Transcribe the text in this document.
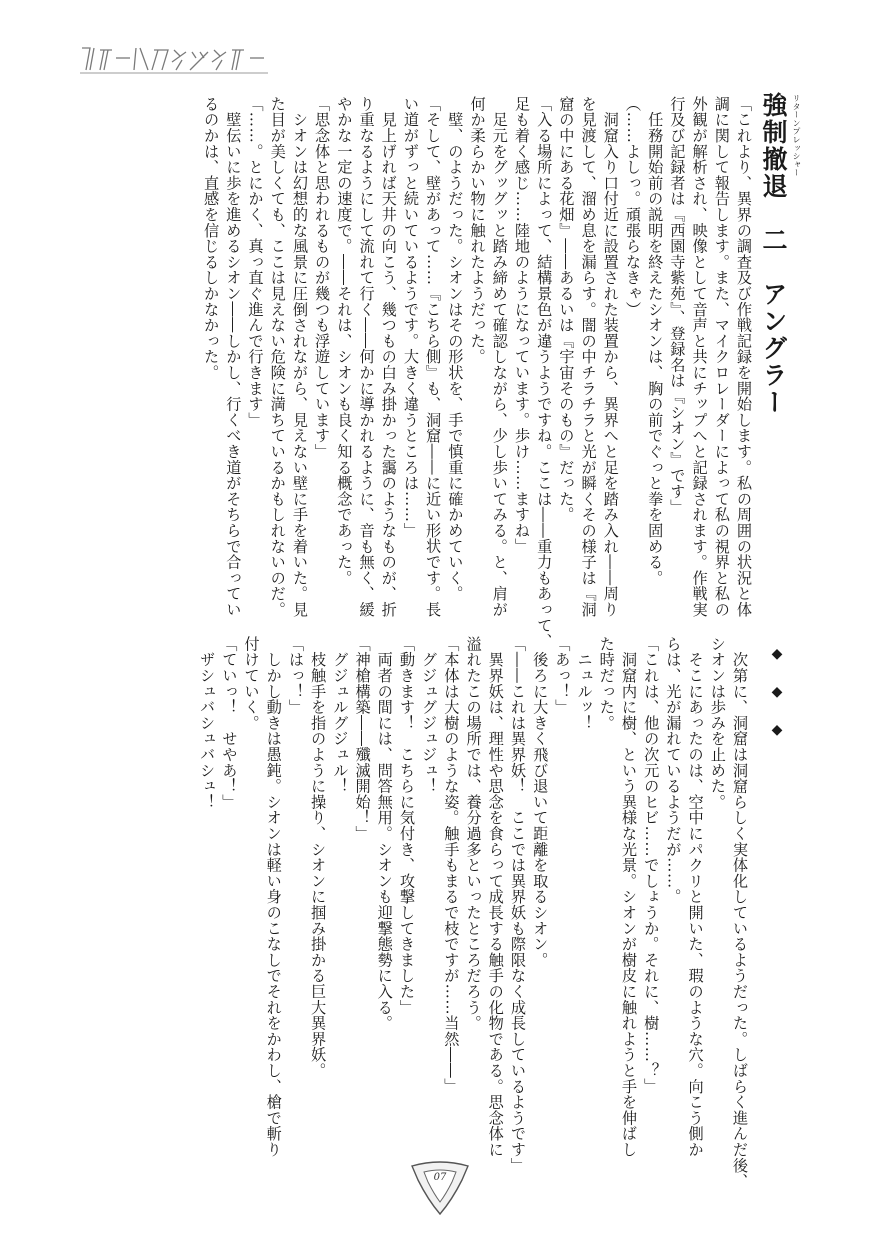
リターンプレッシャー
強制撤退　二　アングラー
「これより、異界の調査及び作戦記録を開始します。私の周囲の状況と体
調に関して報告します。また、マイクロレーダーによって私の視界と私の
外観が解析され、映像として音声と共にチップへと記録されます。作戦実
行及び記録者は『西園寺紫苑』、登録名は『シオン』です」
　任務開始前の説明を終えたシオンは、胸の前でぐっと拳を固める。
（……よしっ。頑張らなきゃ）
　洞窟入り口付近に設置された装置から、異界へと足を踏み入れ――周り
を見渡して、溜め息を漏らす。闇の中チラチラと光が瞬くその様子は『洞
窟の中にある花畑』――あるいは『宇宙そのもの』だった。
「入る場所によって、結構景色が違うようですね。ここは――重力もあって、
足も着く感じ……陸地のようになっています。歩け……ますね」
　足元をグッグッと踏み締めて確認しながら、少し歩いてみる。と、肩が
何か柔らかい物に触れたようだった。
　壁、のようだった。シオンはその形状を、手で慎重に確かめていく。
「そして、壁があって……『こちら側』も、洞窟――に近い形状です。長
い道がずっと続いているようです。大きく違うところは……」
　見上げれば天井の向こう、幾つもの白み掛かった靄のようなものが、折
り重なるようにして流れて行く――何かに導かれるように、音も無く、緩
やかな一定の速度で。――それは、シオンも良く知る概念であった。
「思念体と思われるものが幾つも浮遊しています」
　シオンは幻想的な風景に圧倒されながら、見えない壁に手を着いた。見
た目が美しくても、ここは見えない危険に満ちているかもしれないのだ。
「……。とにかく、真っ直ぐ進んで行きます」
　壁伝いに歩を進めるシオン――しかし、行くべき道がそちらで合ってい
るのかは、直感を信じるしかなかった。
◆◆◆
　次第に、洞窟は洞窟らしく実体化しているようだった。しばらく進んだ後、
シオンは歩みを止めた。
　そこにあったのは、空中にパクリと開いた、瑕のような穴。向こう側か
らは、光が漏れているようだが……。
「これは、他の次元のヒビ……でしょうか。それに、樹……？」
　洞窟内に樹、という異様な光景。シオンが樹皮に触れようと手を伸ばし
た時だった。
　ニュルッ！
「あっ！」
　後ろに大きく飛び退いて距離を取るシオン。
「――これは異界妖！　ここでは異界妖も際限なく成長しているようです」
　異界妖は、理性や思念を食らって成長する触手の化物である。思念体に
溢れたこの場所では、養分過多といったところだろう。
「本体は大樹のような姿。触手もまるで枝ですが……当然――」
　グジュグジュジュ！
「動きます！　こちらに気付き、攻撃してきました」
　両者の間には、問答無用。シオンも迎撃態勢に入る。
「神槍構築――殲滅開始！」
　グジュルグジュル！
　枝触手を指のように操り、シオンに掴み掛かる巨大異界妖。
「はっ！」
　しかし動きは愚鈍。シオンは軽い身のこなしでそれをかわし、槍で斬り
付けていく。
「ていっ！　せやあ！」
　ザシュバシュバシュ！
07
